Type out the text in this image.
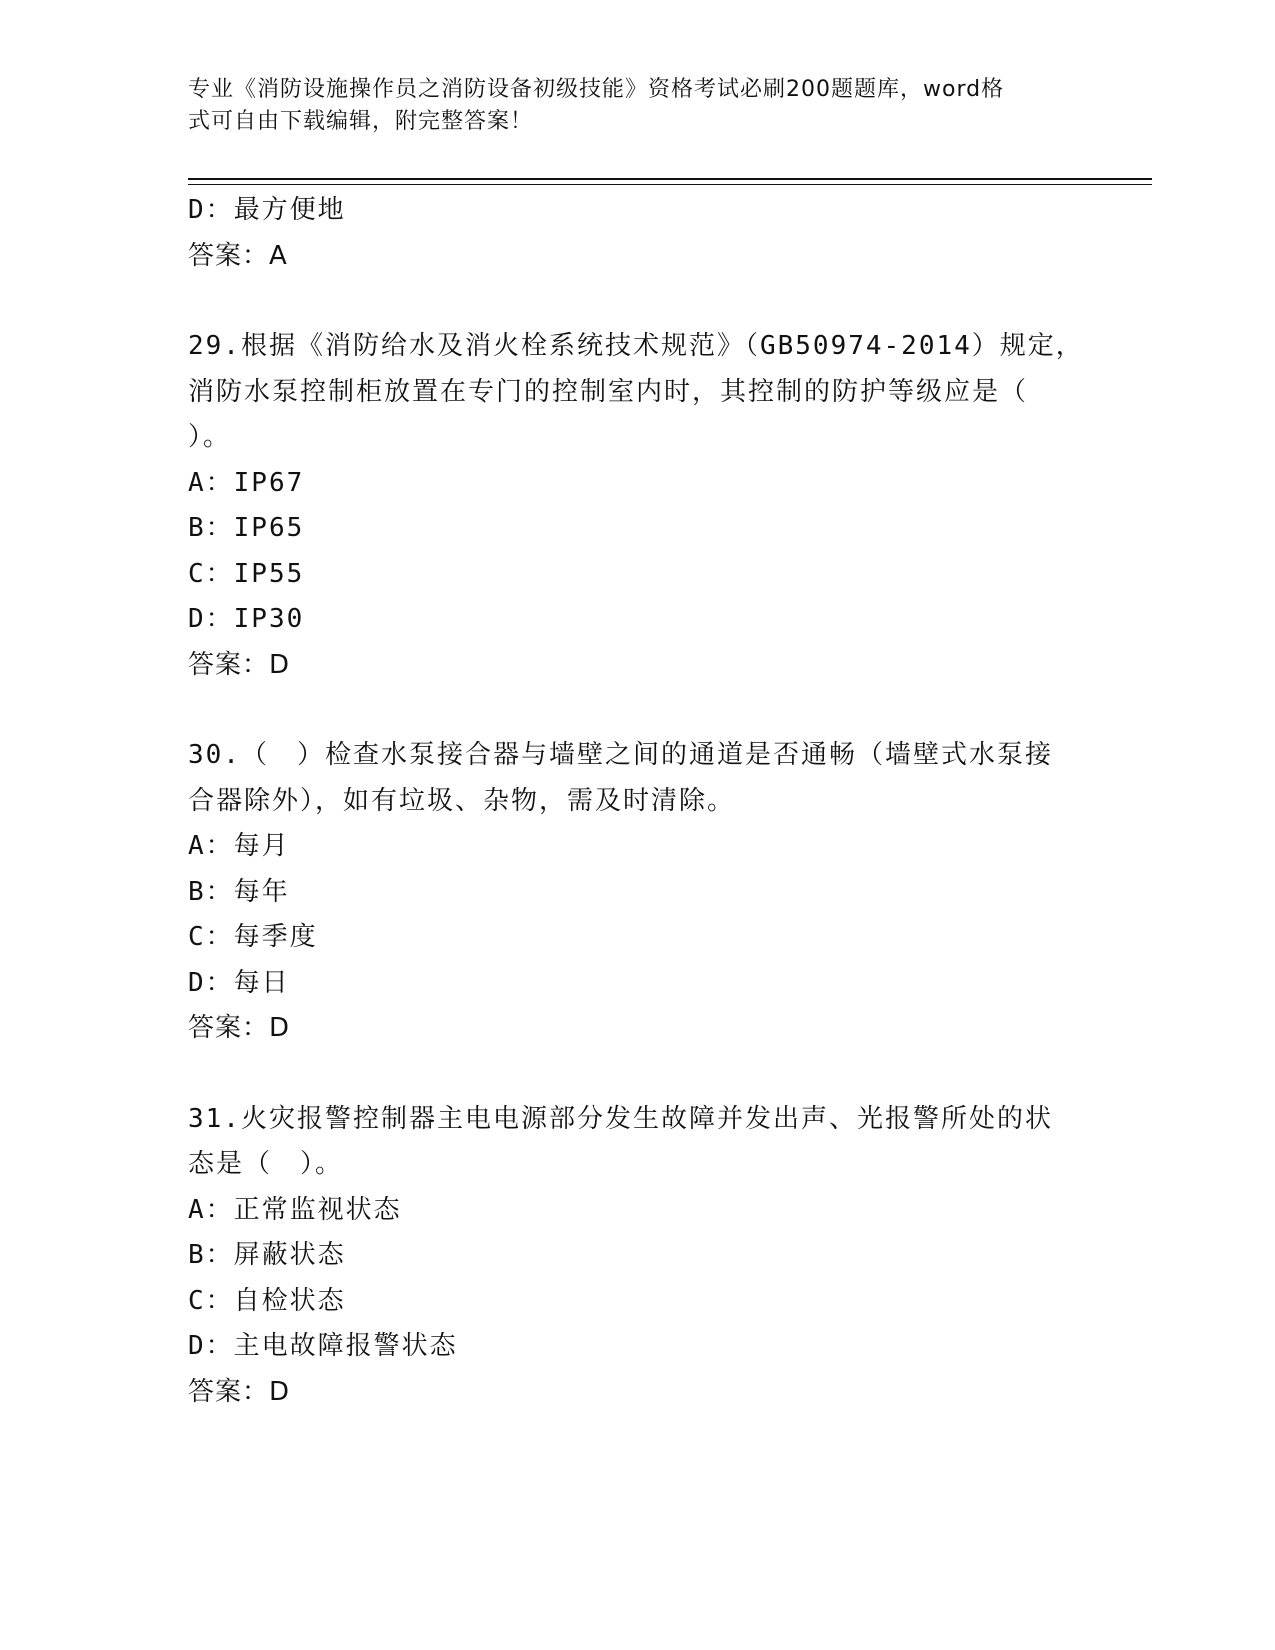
专业《消防设施操作员之消防设备初级技能》资格考试必刷200题题库，word格
式可自由下载编辑，附完整答案！
D：最方便地
答案：A
29.根据《消防给水及消火栓系统技术规范》（GB50974-2014）规定，
消防水泵控制柜放置在专门的控制室内时，其控制的防护等级应是（
）。
A：IP67
B：IP65
C：IP55
D：IP30
答案：D
30.（　）检查水泵接合器与墙壁之间的通道是否通畅（墙壁式水泵接
合器除外），如有垃圾、杂物，需及时清除。
A：每月
B：每年
C：每季度
D：每日
答案：D
31.火灾报警控制器主电电源部分发生故障并发出声、光报警所处的状
态是（　）。
A：正常监视状态
B：屏蔽状态
C：自检状态
D：主电故障报警状态
答案：D
